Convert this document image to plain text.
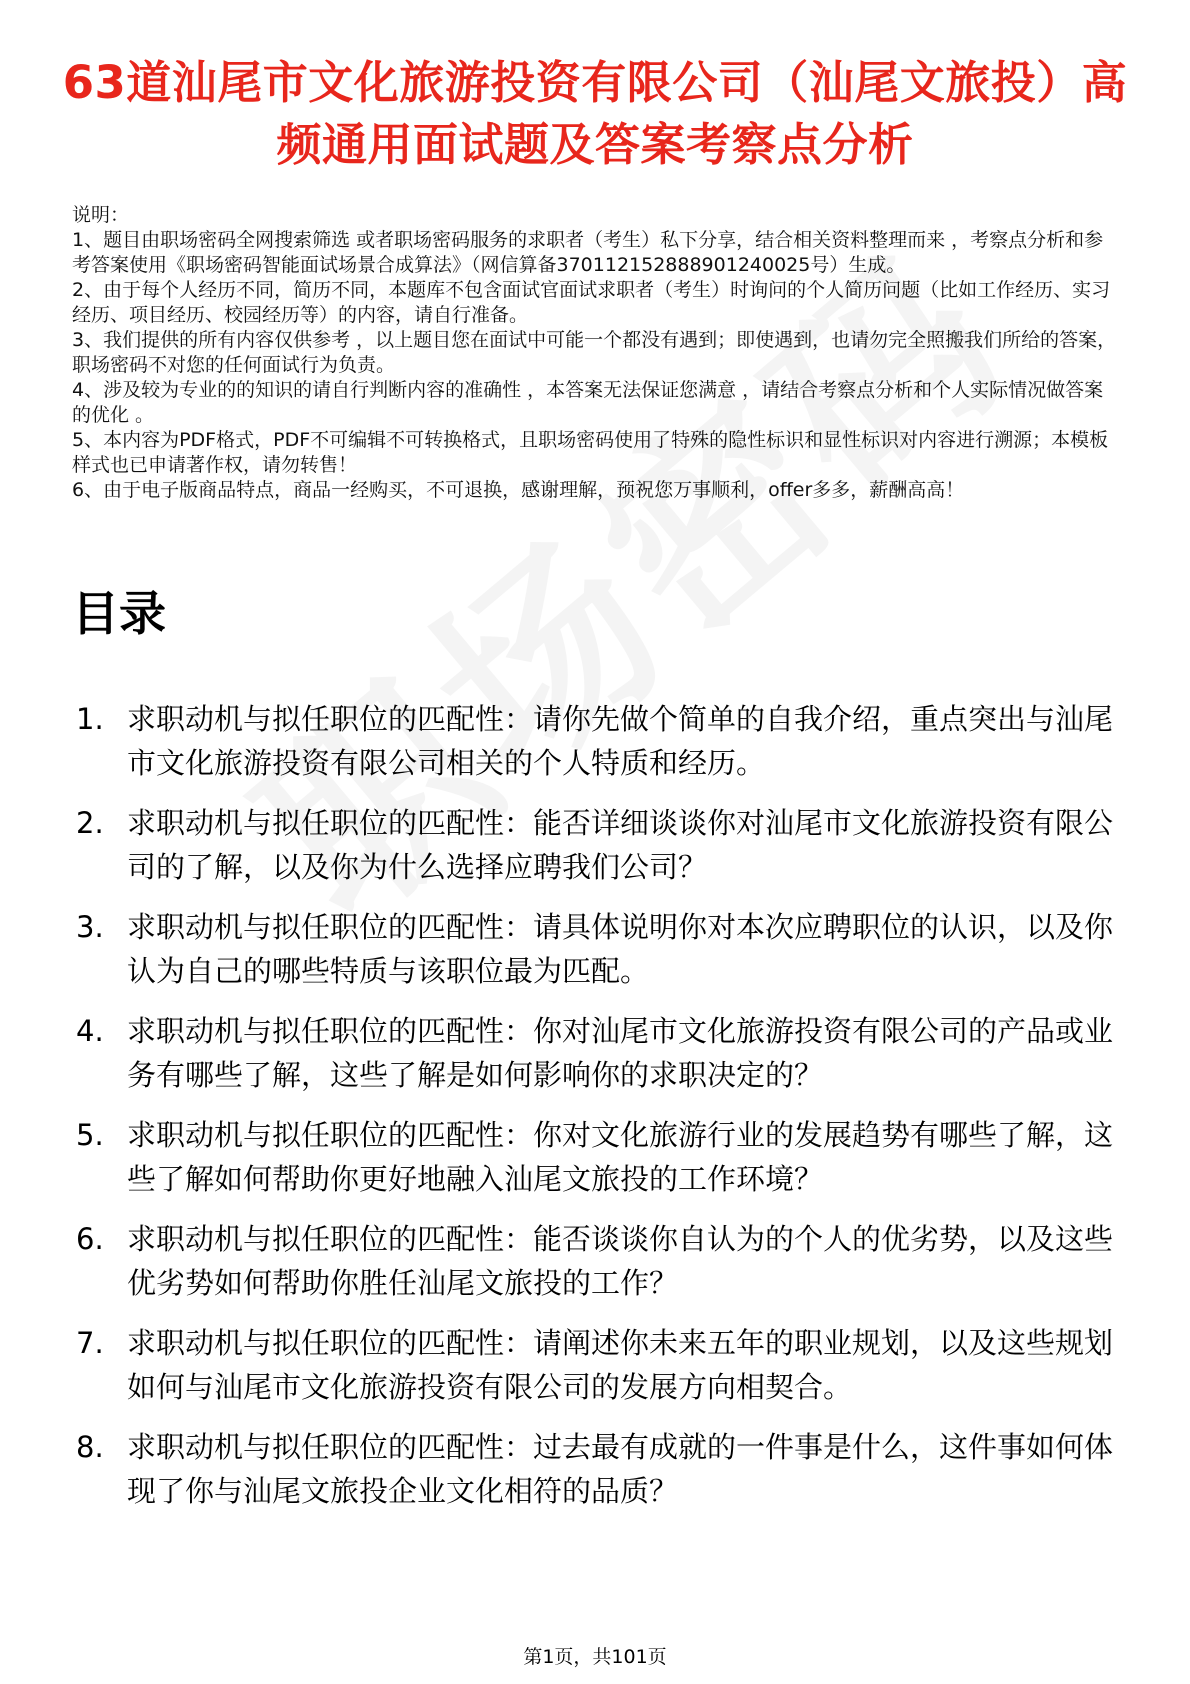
63道汕尾市文化旅游投资有限公司（汕尾文旅投）高频通用面试题及答案考察点分析
说明：
1、题目由职场密码全网搜索筛选 或者职场密码服务的求职者（考生）私下分享，结合相关资料整理而来 ，考察点分析和参考答案使用《职场密码智能面试场景合成算法》（网信算备370112152888901240025号）生成。
2、由于每个人经历不同，简历不同，本题库不包含面试官面试求职者（考生）时询问的个人简历问题（比如工作经历、实习经历、项目经历、校园经历等）的内容，请自行准备。
3、我们提供的所有内容仅供参考 ，以上题目您在面试中可能一个都没有遇到；即使遇到，也请勿完全照搬我们所给的答案，职场密码不对您的任何面试行为负责。
4、涉及较为专业的的知识的请自行判断内容的准确性 ，本答案无法保证您满意 ，请结合考察点分析和个人实际情况做答案的优化 。
5、本内容为PDF格式，PDF不可编辑不可转换格式，且职场密码使用了特殊的隐性标识和显性标识对内容进行溯源；本模板样式也已申请著作权，请勿转售！
6、由于电子版商品特点，商品一经购买，不可退换，感谢理解，预祝您万事顺利，offer多多，薪酬高高！
目录
1. 求职动机与拟任职位的匹配性：请你先做个简单的自我介绍，重点突出与汕尾市文化旅游投资有限公司相关的个人特质和经历。
2. 求职动机与拟任职位的匹配性：能否详细谈谈你对汕尾市文化旅游投资有限公司的了解，以及你为什么选择应聘我们公司？
3. 求职动机与拟任职位的匹配性：请具体说明你对本次应聘职位的认识，以及你认为自己的哪些特质与该职位最为匹配。
4. 求职动机与拟任职位的匹配性：你对汕尾市文化旅游投资有限公司的产品或业务有哪些了解，这些了解是如何影响你的求职决定的？
5. 求职动机与拟任职位的匹配性：你对文化旅游行业的发展趋势有哪些了解，这些了解如何帮助你更好地融入汕尾文旅投的工作环境？
6. 求职动机与拟任职位的匹配性：能否谈谈你自认为的个人的优劣势，以及这些优劣势如何帮助你胜任汕尾文旅投的工作？
7. 求职动机与拟任职位的匹配性：请阐述你未来五年的职业规划，以及这些规划如何与汕尾市文化旅游投资有限公司的发展方向相契合。
8. 求职动机与拟任职位的匹配性：过去最有成就的一件事是什么，这件事如何体现了你与汕尾文旅投企业文化相符的品质？
第1页，共101页
